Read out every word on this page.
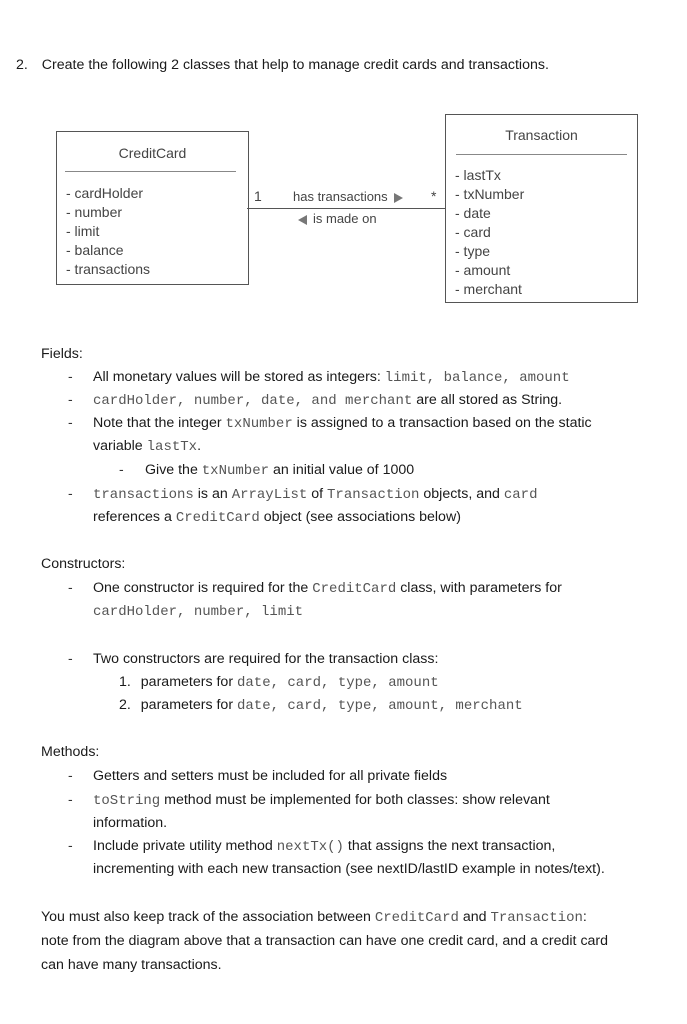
2. Create the following 2 classes that help to manage credit cards and transactions.
CreditCard
- cardHolder
- number
- limit
- balance
- transactions
Transaction
- lastTx
- txNumber
- date
- card
- type
- amount
- merchant
1	*
has transactions
is made on
Fields:
- All monetary values will be stored as integers: limit, balance, amount
- cardHolder, number, date, and merchant are all stored as String.
- Note that the integer txNumber is assigned to a transaction based on the static
variable lastTx.
- Give the txNumber an initial value of 1000
- transactions is an ArrayList of Transaction objects, and card
references a CreditCard object (see associations below)
Constructors:
- One constructor is required for the CreditCard class, with parameters for
cardHolder, number, limit
- Two constructors are required for the transaction class:
1. parameters for date, card, type, amount
2. parameters for date, card, type, amount, merchant
Methods:
- Getters and setters must be included for all private fields
- toString method must be implemented for both classes: show relevant
information.
- Include private utility method nextTx() that assigns the next transaction,
incrementing with each new transaction (see nextID/lastID example in notes/text).
You must also keep track of the association between CreditCard and Transaction:
note from the diagram above that a transaction can have one credit card, and a credit card
can have many transactions.
